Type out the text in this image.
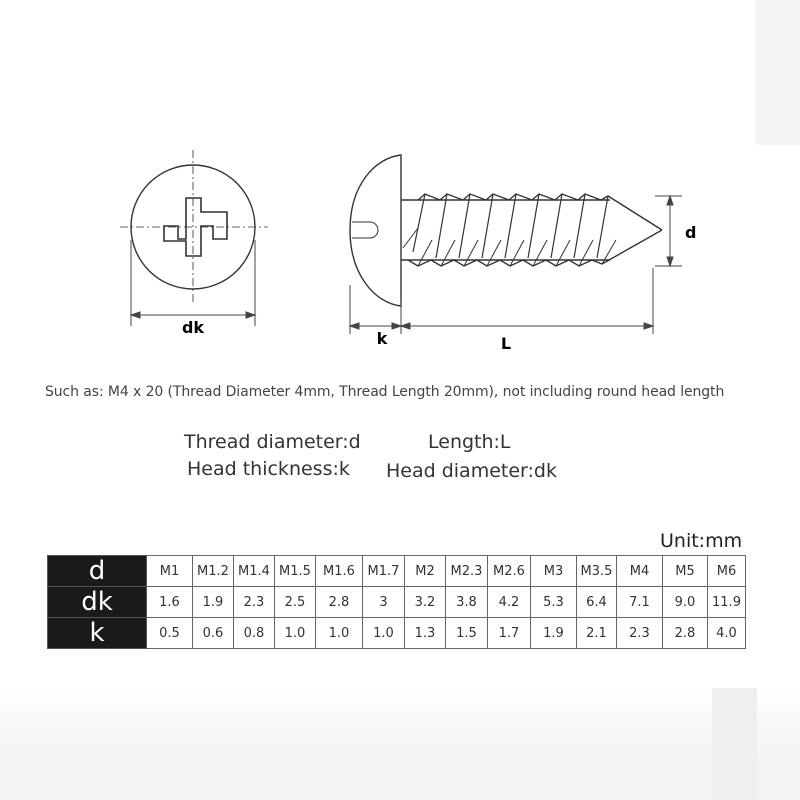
dk
d
k	L
Such as: M4 x 20 (Thread Diameter 4mm, Thread Length 20mm), not including round head length
Thread diameter:d	Length:L
Head thickness:k Head diameter:dk
Unit:mm
d	M1	M1.2	M1.4	M1.5	M1.6	M1.7	M2	M2.3	M2.6	M3	M3.5	M4	M5	M6
dk	1.6	1.9	2.3	2.5	2.8	3	3.2	3.8	4.2	5.3	6.4	7.1	9.0	11.9
k	0.5	0.6	0.8	1.0	1.0	1.0	1.3	1.5	1.7	1.9	2.1	2.3	2.8	4.0
